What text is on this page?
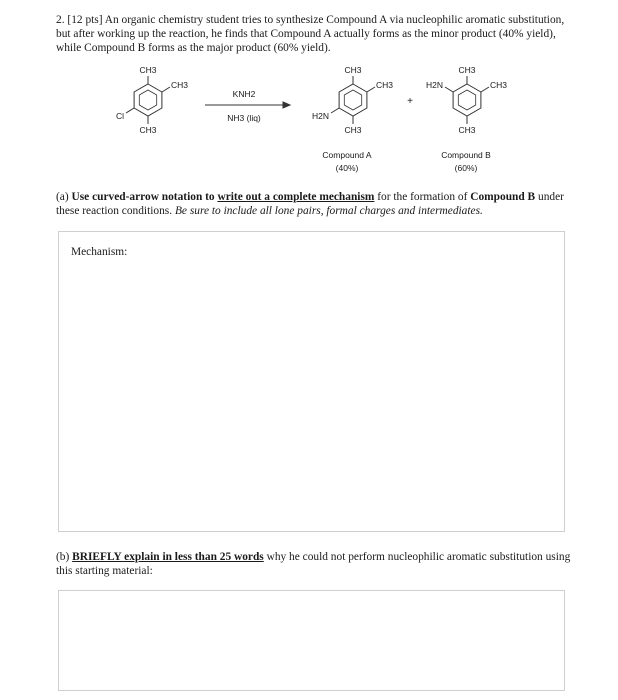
2. [12 pts] An organic chemistry student tries to synthesize Compound A via nucleophilic aromatic substitution, but after working up the reaction, he finds that Compound A actually forms as the minor product (40% yield), while Compound B forms as the major product (60% yield).
CH3
CH3
Cl
CH3
KNH2
NH3 (liq)
CH3
CH3
H2N
CH3
+
CH3
CH3
H2N
CH3
Compound A
(40%)
Compound B
(60%)
(a) Use curved-arrow notation to write out a complete mechanism for the formation of Compound B under these reaction conditions. Be sure to include all lone pairs, formal charges and intermediates.
Mechanism:
(b) BRIEFLY explain in less than 25 words why he could not perform nucleophilic aromatic substitution using this starting material:
